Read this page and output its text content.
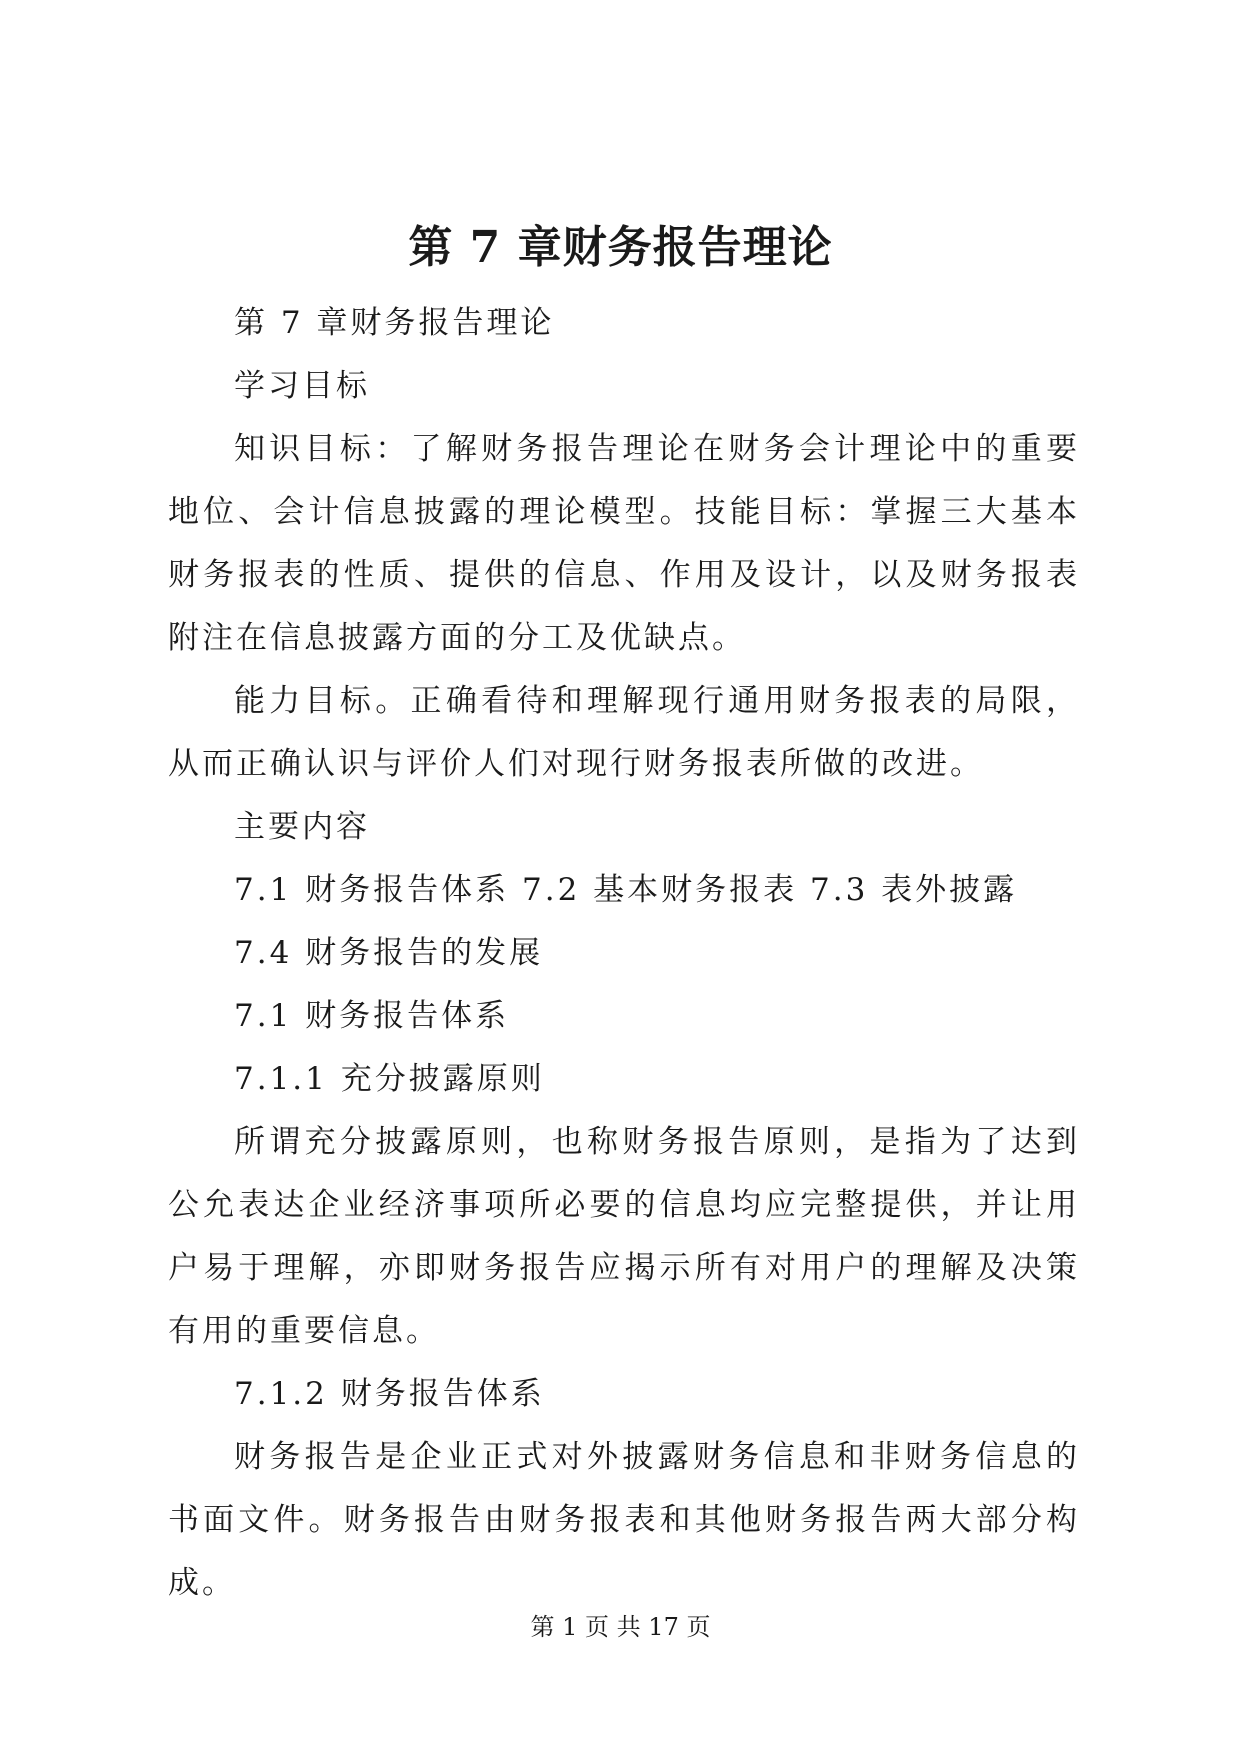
第 7 章财务报告理论

第 7 章财务报告理论

学习目标

知识目标：了解财务报告理论在财务会计理论中的重要地位、会计信息披露的理论模型。技能目标：掌握三大基本财务报表的性质、提供的信息、作用及设计，以及财务报表附注在信息披露方面的分工及优缺点。

能力目标。正确看待和理解现行通用财务报表的局限，从而正确认识与评价人们对现行财务报表所做的改进。

主要内容

7.1 财务报告体系 7.2 基本财务报表 7.3 表外披露

7.4 财务报告的发展

7.1 财务报告体系

7.1.1 充分披露原则

所谓充分披露原则，也称财务报告原则，是指为了达到公允表达企业经济事项所必要的信息均应完整提供，并让用户易于理解，亦即财务报告应揭示所有对用户的理解及决策有用的重要信息。

7.1.2 财务报告体系

财务报告是企业正式对外披露财务信息和非财务信息的书面文件。财务报告由财务报表和其他财务报告两大部分构成。

第 1 页 共 17 页
